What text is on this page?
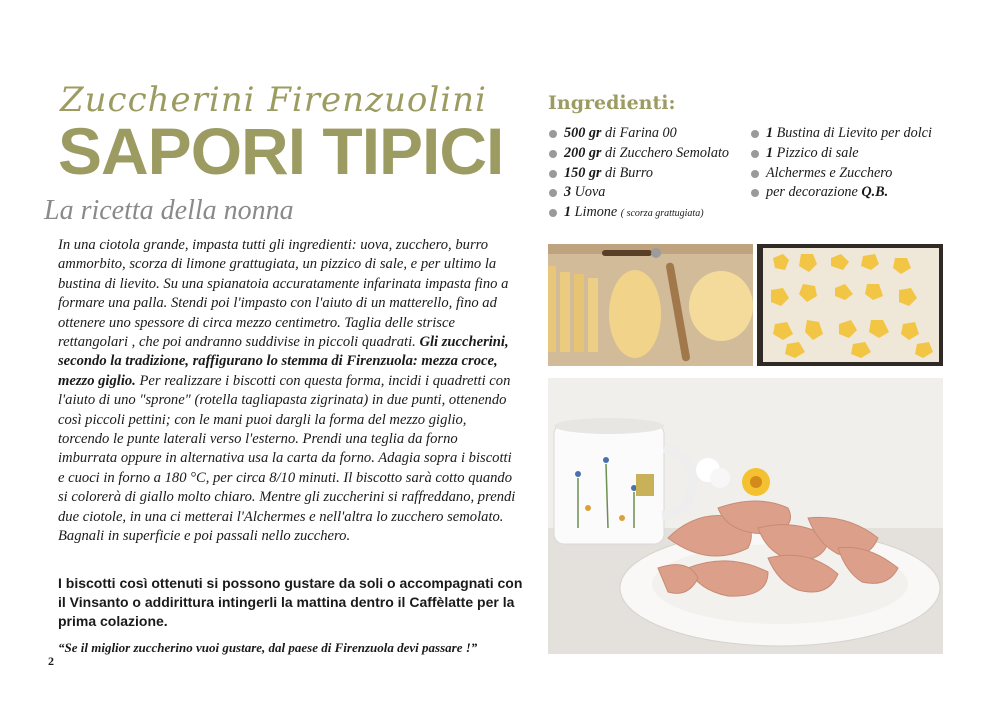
Zuccherini Firenzuolini
SAPORI TIPICI
La ricetta della nonna
In una ciotola grande, impasta tutti gli ingredienti: uova, zucchero, burro ammorbito, scorza di limone grattugiata, un pizzico di sale, e per ultimo la bustina di lievito. Su una spianatoia accuratamente infarinata impasta fino a formare una palla. Stendi poi l'impasto con l'aiuto di un matterello, fino ad ottenere uno spessore di circa mezzo centimetro. Taglia delle strisce rettangolari , che poi andranno suddivise in piccoli quadrati. Gli zuccherini, secondo la tradizione, raffigurano lo stemma di Firenzuola: mezza croce, mezzo giglio. Per realizzare i biscotti con questa forma, incidi i quadretti con l'aiuto di uno "sprone" (rotella tagliapasta zigrinata) in due punti, ottenendo così piccoli pettini; con le mani puoi dargli la forma del mezzo giglio, torcendo le punte laterali verso l'esterno. Prendi una teglia da forno imburrata oppure in alternativa usa la carta da forno. Adagia sopra i biscotti e cuoci in forno a 180 °C, per circa 8/10 minuti. Il biscotto sarà cotto quando si colorerà di giallo molto chiaro. Mentre gli zuccherini si raffreddano, prendi due ciotole, in una ci metterai l'Alchermes e nell'altra lo zucchero semolato. Bagnali in superficie e poi passali nello zucchero.
I biscotti così ottenuti si possono gustare da soli o accompagnati con il Vinsanto o addirittura intingerli la mattina dentro il Caffèlatte per la prima colazione.
“Se il miglior zuccherino vuoi gustare, dal paese di Firenzuola devi passare !”
2
Ingredienti:
500 gr di Farina 00
200 gr di Zucchero Semolato
150 gr di Burro
3 Uova
1 Limone ( scorza grattugiata)
1 Bustina di Lievito per dolci
1 Pizzico di sale
Alchermes e Zucchero
per decorazione Q.B.
